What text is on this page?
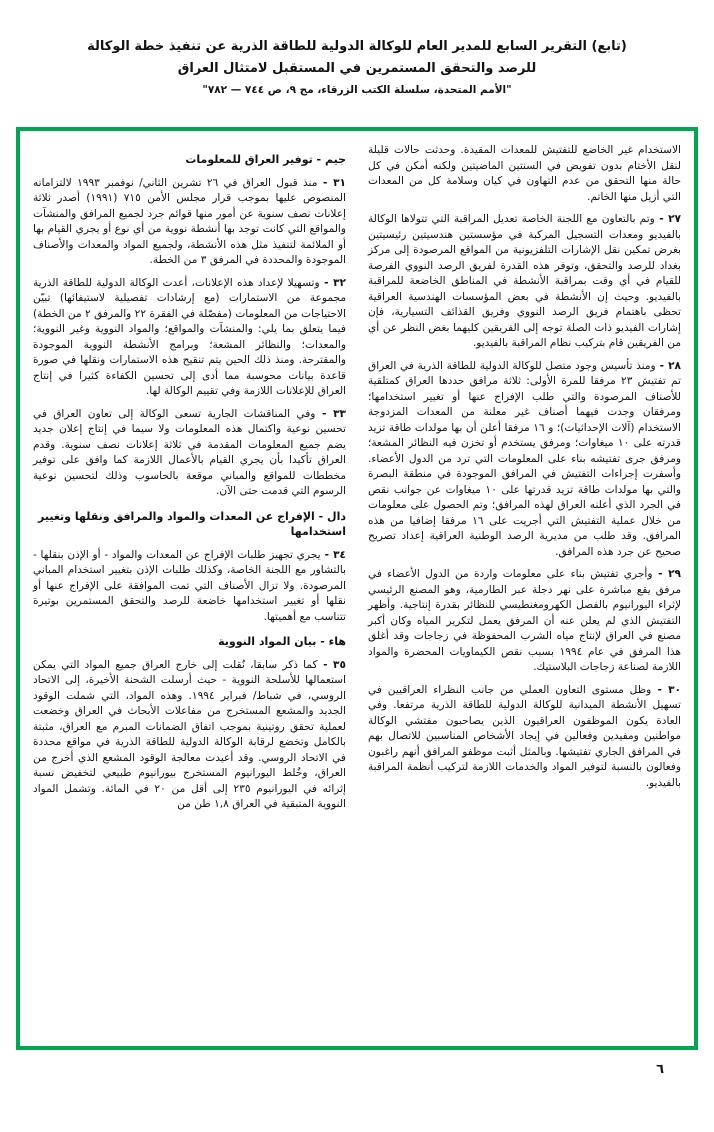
(تابع) التقرير السابع للمدير العام للوكالة الدولية للطاقة الذرية عن تنفيذ خطة الوكالة
للرصد والتحقق المستمرين في المستقبل لامتثال العراق
"الأمم المتحدة، سلسلة الكتب الزرقاء، مج ٩، ص ٧٤٤ — ٧٨٢"
الاستخدام غير الخاضع للتفتيش للمعدات المقيدة. وحدثت حالات قليلة لنقل الأختام بدون تفويض في السنتين الماضيتين ولكنه أمكن في كل حالة منها التحقق من عدم التهاون في كيان وسلامة كل من المعدات التي أزيل منها الخاتم.
٢٧ - وتم بالتعاون مع اللجنة الخاصة تعديل المراقبة التي تتولاها الوكالة بالفيديو ومعدات التسجيل المركبة في مؤسستين هندسيتين رئيسيتين بغرض تمكين نقل الإشارات التلفزيونية من المواقع المرصودة إلى مركز بغداد للرصد والتحقق، وتوفر هذه القدرة لفريق الرصد النووي الفرصة للقيام في أي وقت بمراقبة الأنشطة في المناطق الخاضعة للمراقبة بالفيديو. وحيث إن الأنشطة في بعض المؤسسات الهندسية العراقية تحظى باهتمام فريق الرصد النووي وفريق القذائف التسيارية، فإن إشارات الفيديو ذات الصلة توجه إلى الفريقين كليهما بغض النظر عن أي من الفريقين قام بتركيب نظام المراقبة بالفيديو.
٢٨ - ومنذ تأسيس وجود متصل للوكالة الدولية للطاقة الذرية في العراق تم تفتيش ٢٣ مرفقا للمرة الأولى: ثلاثة مرافق حددها العراق كمتلقية للأصناف المرصودة والتي طلب الإفراج عنها أو تغيير استخدامها؛ ومرفقان وجدت فيهما أصناف غير معلنة من المعدات المزدوجة الاستخدام (آلات الإحداثيات)؛ و ١٦ مرفقا أعلن أن بها مولدات طاقة تزيد قدرته على ١٠ ميغاوات؛ ومرفق يستخدم أو تخزن فيه النظائر المشعة؛ ومرفق جرى تفتيشه بناء على المعلومات التي ترد من الدول الأعضاء. وأسفرت إجراءات التفتيش في المرافق الموجودة في منطقة البصرة والتي بها مولدات طاقة تزيد قدرتها على ١٠ ميغاوات عن جوانب نقص في الجرد الذي أعلنه العراق لهذه المرافق؛ وتم الحصول على معلومات من خلال عملية التفتيش التي أجريت على ١٦ مرفقا إضافيا من هذه المرافق. وقد طلب من مديرية الرصد الوطنية العراقية إعداد تصريح صحيح عن جرد هذه المرافق.
٢٩ - وأجري تفتيش بناء على معلومات واردة من الدول الأعضاء في مرفق يقع مباشرة على نهر دجلة عبر الطارمية، وهو المصنع الرئيسي لإثراء اليورانيوم بالفصل الكهرومغنطيسي للنظائر بقدرة إنتاجية. وأظهر التفتيش الذي لم يعلن عنه أن المرفق يعمل لتكرير المياه وكان أكبر مصنع في العراق لإنتاج مياه الشرب المحفوظة في زجاجات وقد أغلق هذا المرفق في عام ١٩٩٤ بسبب نقص الكيماويات المحضرة والمواد اللازمة لصناعة زجاجات البلاستيك.
٣٠ - وظل مستوى التعاون العملي من جانب النظراء العراقيين في تسهيل الأنشطة الميدانية للوكالة الدولية للطاقة الذرية مرتفعا. وفي العادة يكون الموظفون العراقيون الذين يصاحبون مفتشي الوكالة مواطنين ومفيدين وفعالين في إيجاد الأشخاص المناسبين للاتصال بهم في المرافق الجاري تفتيشها. وبالمثل أثبت موظفو المرافق أنهم راغبون وفعالون بالنسبة لتوفير المواد والخدمات اللازمة لتركيب أنظمة المراقبة بالفيديو.
جيم - توفير العراق للمعلومات
٣١ - منذ قبول العراق في ٢٦ تشرين الثاني/ نوفمبر ١٩٩٣ لالتزاماته المنصوص عليها بموجب قرار مجلس الأمن ٧١٥ (١٩٩١) أصدر ثلاثة إعلانات نصف سنوية عن أمور منها قوائم جرد لجميع المرافق والمنشآت والمواقع التي كانت توجد بها أنشطة نووية من أي نوع أو يجري القيام بها أو الملائمة لتنفيذ مثل هذه الأنشطة، ولجميع المواد والمعدات والأصناف الموجودة والمحددة في المرفق ٣ من الخطة.
٣٢ - وتسهيلا لإعداد هذه الإعلانات، أعدت الوكالة الدولية للطاقة الذرية مجموعة من الاستمارات (مع إرشادات تفصيلية لاستيفائها) تبيّن الاحتياجات من المعلومات (مفصّلة في الفقرة ٢٢ والمرفق ٢ من الخطة) فيما يتعلق بما يلي: والمنشآت والمواقع؛ والمواد النووية وغير النووية؛ والمعدات؛ والنظائر المشعة؛ وبرامج الأنشطة النووية الموجودة والمقترحة. ومنذ ذلك الحين يتم تنقيح هذه الاستمارات ونقلها في صورة قاعدة بيانات محوسبة مما أدى إلى تحسين الكفاءة كثيرا في إنتاج العراق للإعلانات اللازمة وفي تقييم الوكالة لها.
٣٣ - وفي المناقشات الجارية تسعى الوكالة إلى تعاون العراق في تحسين نوعية واكتمال هذه المعلومات ولا سيما في إنتاج إعلان جديد يضم جميع المعلومات المقدمة في ثلاثة إعلانات نصف سنوية. وقدم العراق تأكيدا بأن يجري القيام بالأعمال اللازمة كما وافق على توفير مخططات للمواقع والمباني موقعة بالحاسوب وذلك لتحسين نوعية الرسوم التي قدمت حتى الآن.
دال - الإفراج عن المعدات والمواد والمرافق ونقلها وتغيير استخدامها
٣٤ - يجري تجهيز طلبات الإفراج عن المعدات والمواد - أو الإذن بنقلها - بالتشاور مع اللجنة الخاصة، وكذلك طلبات الإذن بتغيير استخدام المباني المرصودة. ولا تزال الأصناف التي تمت الموافقة على الإفراج عنها أو نقلها أو تغيير استخدامها خاضعة للرصد والتحقق المستمرين بوتيرة تتناسب مع أهميتها.
هاء - بيان المواد النووية
٣٥ - كما ذكر سابقا، نُقلت إلى خارج العراق جميع المواد التي يمكن استعمالها للأسلحة النووية - حيث أرسلت الشحنة الأخيرة، إلى الاتحاد الروسي، في شباط/ فبراير ١٩٩٤. وهذه المواد، التي شملت الوقود الجديد والمشعع المستخرج من مفاعلات الأبحاث في العراق وخضعت لعملية تحقق روتينية بموجب اتفاق الضمانات المبرم مع العراق، مثبتة بالكامل وتخضع لرقابة الوكالة الدولية للطاقة الذرية في مواقع محددة في الاتحاد الروسي. وقد أعيدت معالجة الوقود المشعع الذي أخرج من العراق، وخُلط اليورانيوم المستخرج بيورانيوم طبيعي لتخفيض نسبة إثرائه في اليورانيوم ٢٣٥ إلى أقل من ٢٠ في المائة. وتشمل المواد النووية المتبقية في العراق ١,٨ طن من
٦
